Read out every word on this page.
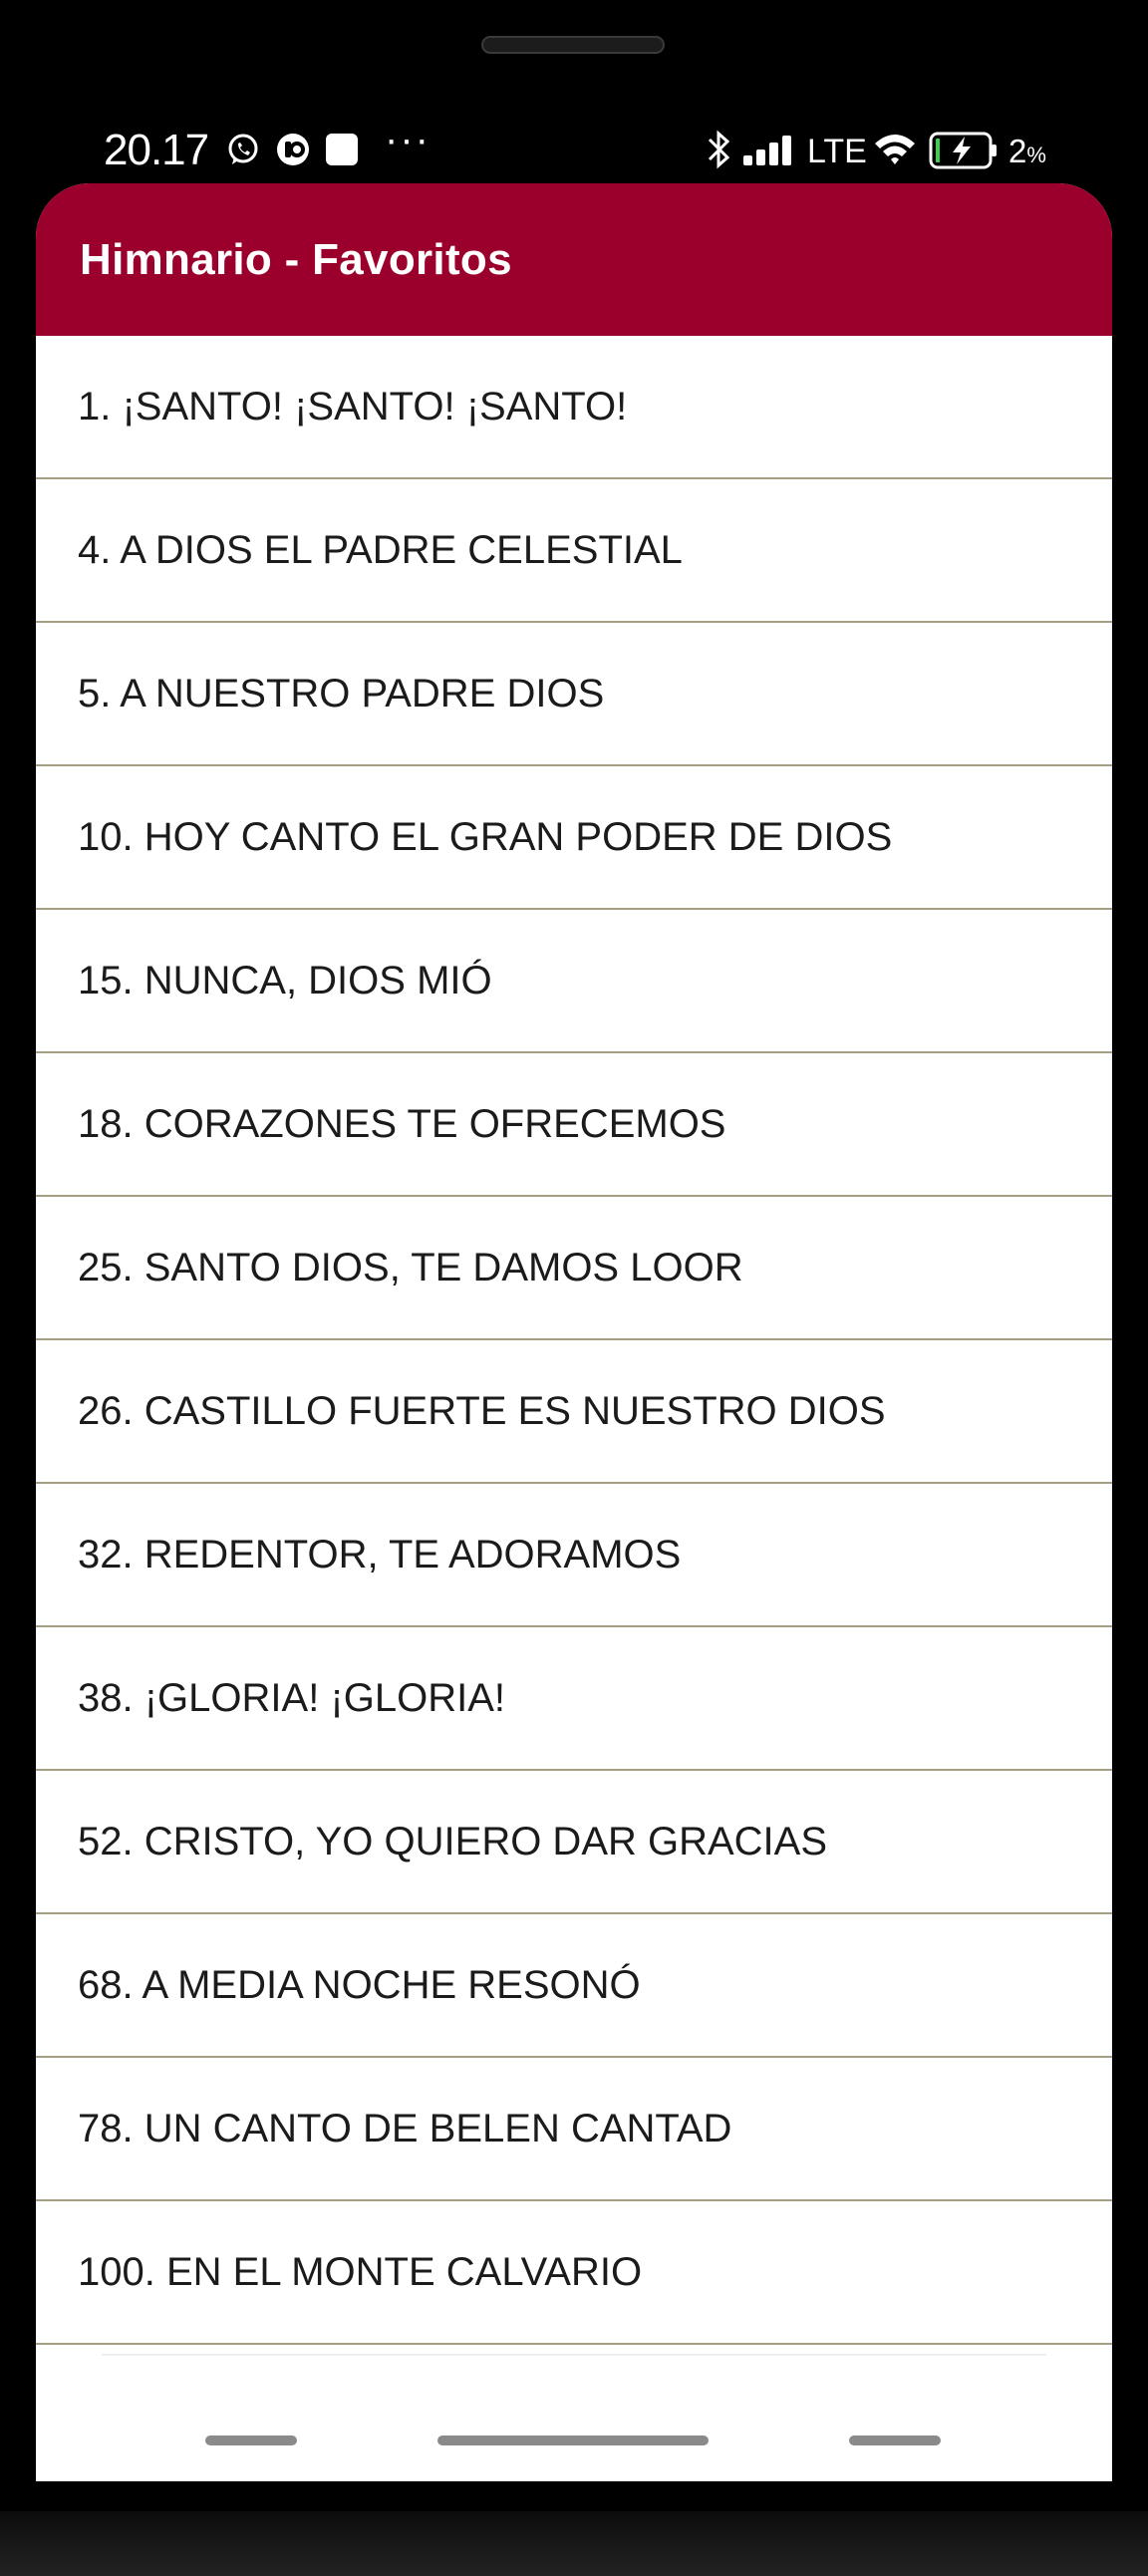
20.17	···	LTE	2%
Himnario - Favoritos
1. ¡SANTO! ¡SANTO! ¡SANTO!
4. A DIOS EL PADRE CELESTIAL
5. A NUESTRO PADRE DIOS
10. HOY CANTO EL GRAN PODER DE DIOS
15. NUNCA, DIOS MIÓ
18. CORAZONES TE OFRECEMOS
25. SANTO DIOS, TE DAMOS LOOR
26. CASTILLO FUERTE ES NUESTRO DIOS
32. REDENTOR, TE ADORAMOS
38. ¡GLORIA! ¡GLORIA!
52. CRISTO, YO QUIERO DAR GRACIAS
68. A MEDIA NOCHE RESONÓ
78. UN CANTO DE BELEN CANTAD
100. EN EL MONTE CALVARIO
